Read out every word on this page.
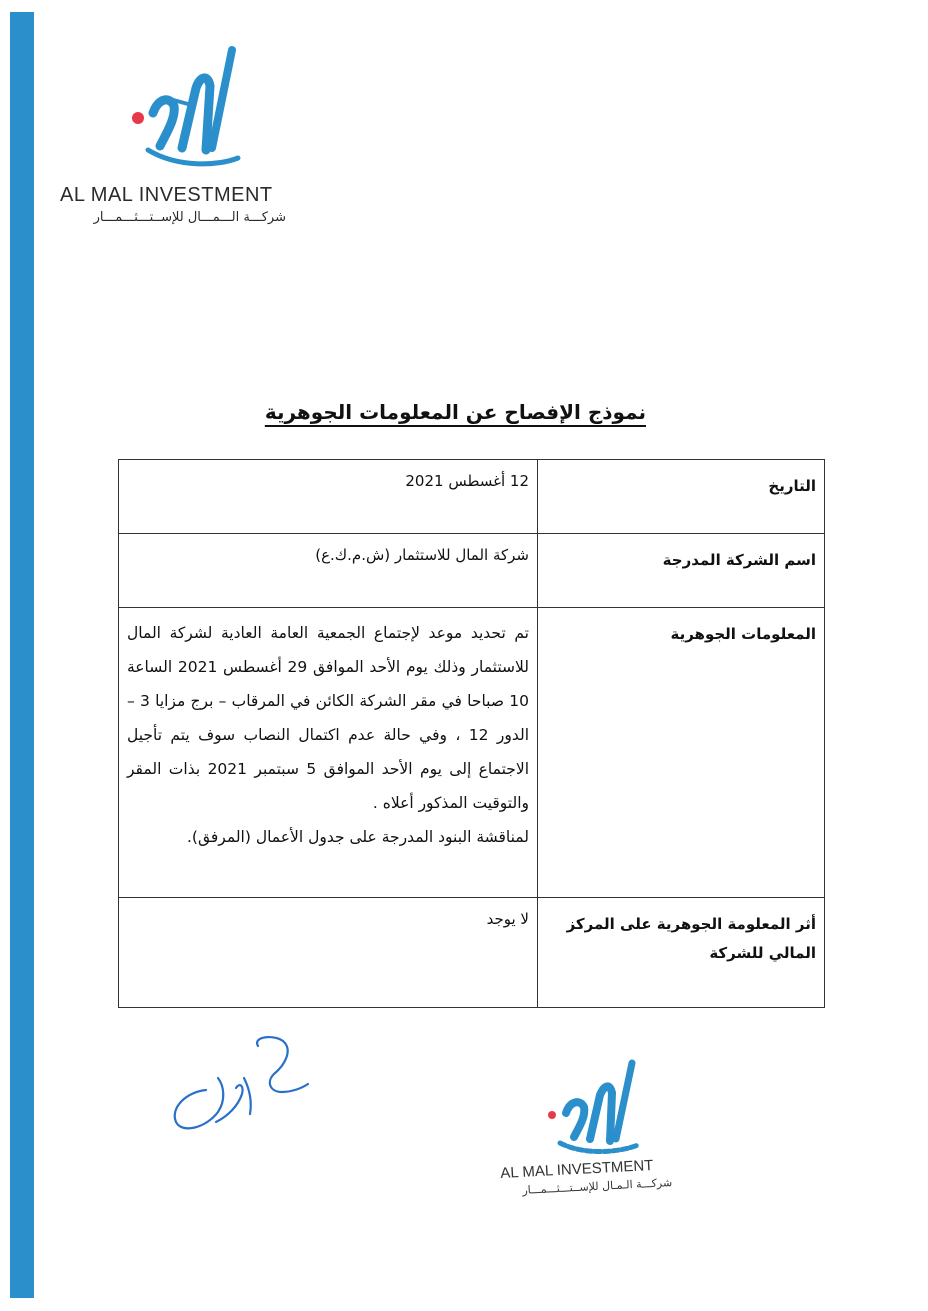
AL MAL INVESTMENT
شركـــة الـــمـــال للإســتـــثـــمـــار
نموذج الإفصاح عن المعلومات الجوهرية
التاريخ	12 أغسطس 2021
اسم الشركة المدرجة	شركة المال للاستثمار (ش.م.ك.ع)
المعلومات الجوهرية	تم تحديد موعد لإجتماع الجمعية العامة العادية لشركة المال للاستثمار وذلك يوم الأحد الموافق 29 أغسطس 2021 الساعة 10 صباحا في مقر الشركة الكائن في المرقاب – برج مزايا 3 – الدور 12 ، وفي حالة عدم اكتمال النصاب سوف يتم تأجيل الاجتماع إلى يوم الأحد الموافق 5 سبتمبر 2021 بذات المقر والتوقيت المذكور أعلاه .

لمناقشة البنود المدرجة على جدول الأعمال (المرفق).

أثر المعلومة الجوهرية على المركز المالي للشركة	لا يوجد
AL MAL INVESTMENT
شركـــة الـمـال للإســتـــثـــمـــار
